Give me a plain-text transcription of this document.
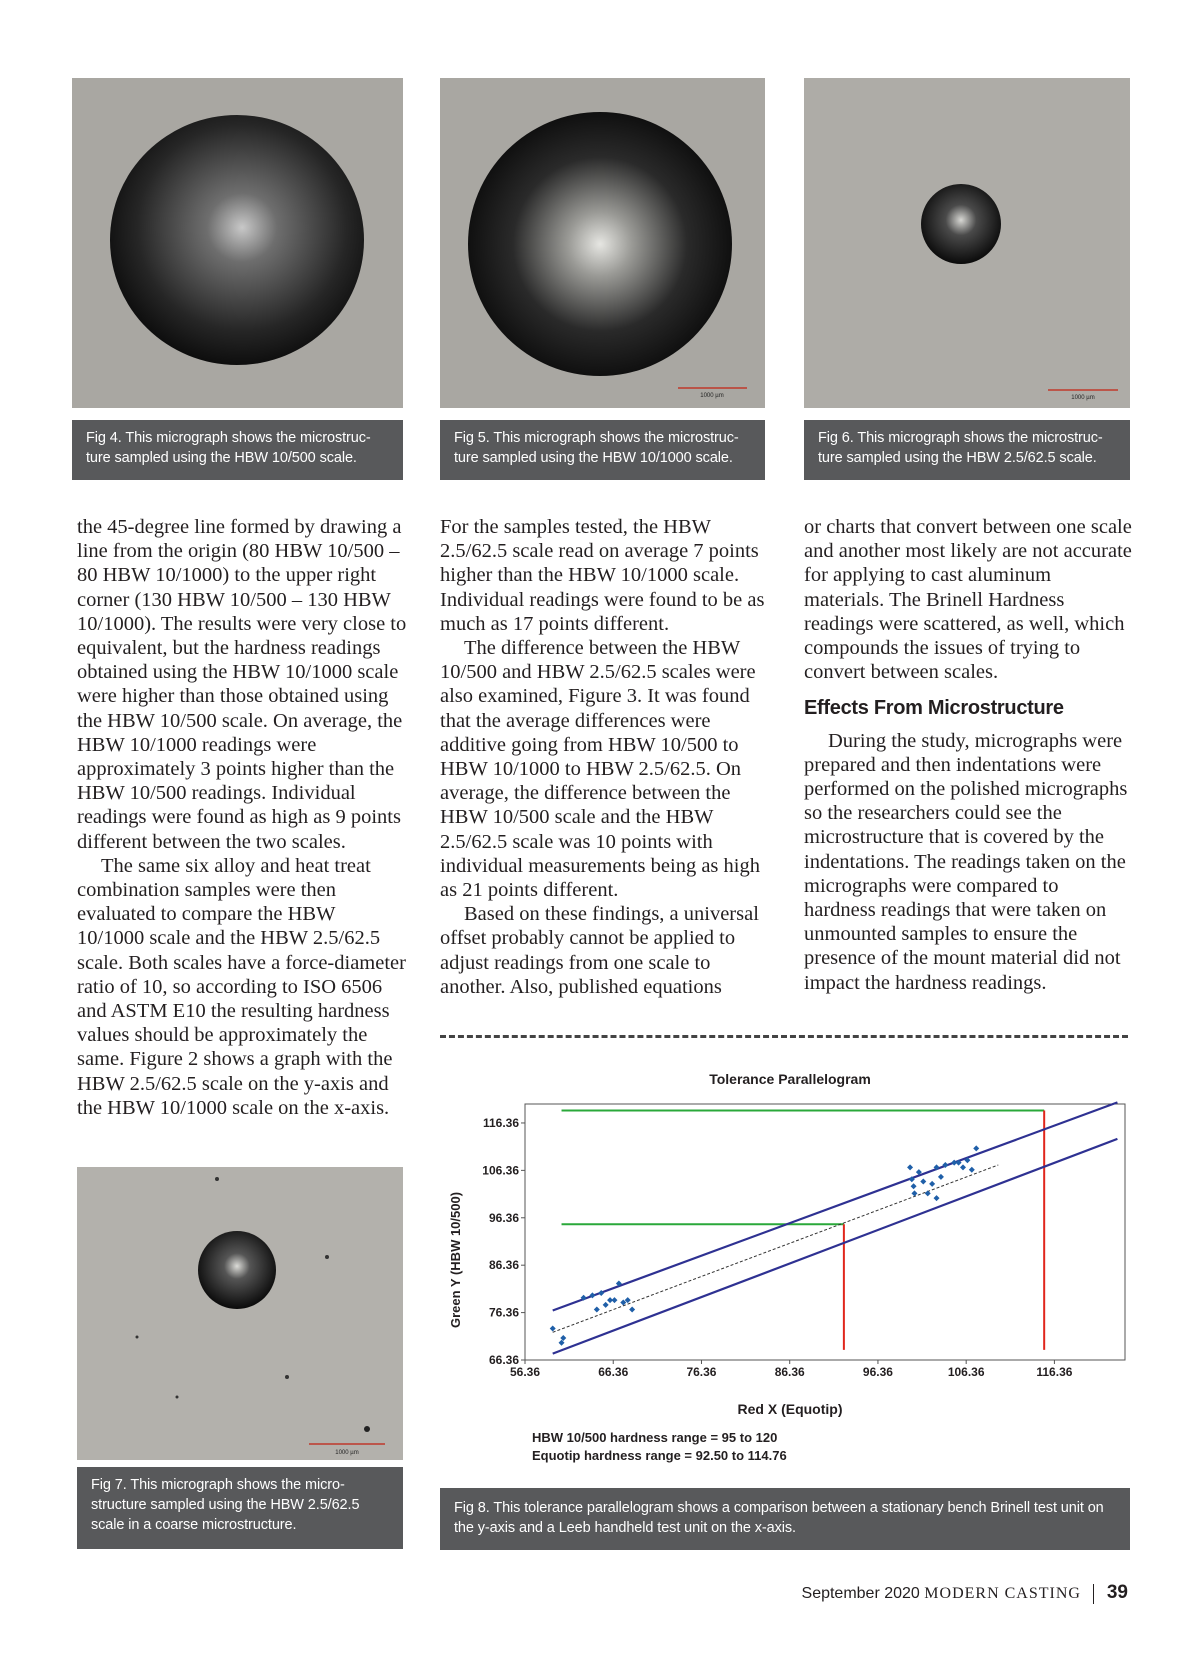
1000 µm	1000 µm
1000 µm
Fig 4. This micrograph shows the microstruc-ture sampled using the HBW 10/500 scale.
Fig 5. This micrograph shows the microstruc-ture sampled using the HBW 10/1000 scale.
Fig 6. This micrograph shows the microstruc-ture sampled using the HBW 2.5/62.5 scale.
Fig 7. This micrograph shows the micro-structure sampled using the HBW 2.5/62.5 scale in a coarse microstructure.
Fig 8. This tolerance parallelogram shows a comparison between a stationary bench Brinell test unit on the y-axis and a Leeb handheld test unit on the x-axis.

the 45-degree line formed by drawing a line from the origin (80 HBW 10/500 – 80 HBW 10/1000) to the upper right corner (130 HBW 10/500 – 130 HBW 10/1000). The results were very close to equivalent, but the hardness readings obtained using the HBW 10/1000 scale were higher than those obtained using the HBW 10/500 scale. On average, the HBW 10/1000 readings were approximately 3 points higher than the HBW 10/500 readings. Individual readings were found as high as 9 points different between the two scales.

The same six alloy and heat treat combination samples were then evaluated to compare the HBW 10/1000 scale and the HBW 2.5/62.5 scale. Both scales have a force-diameter ratio of 10, so according to ISO 6506 and ASTM E10 the resulting hardness values should be approximately the same. Figure 2 shows a graph with the HBW 2.5/62.5 scale on the y-axis and the HBW 10/1000 scale on the x-axis.

For the samples tested, the HBW 2.5/62.5 scale read on average 7 points higher than the HBW 10/1000 scale. Individual readings were found to be as much as 17 points different.

The difference between the HBW 10/500 and HBW 2.5/62.5 scales were also examined, Figure 3. It was found that the average differences were additive going from HBW 10/500 to HBW 10/1000 to HBW 2.5/62.5. On average, the difference between the HBW 10/500 scale and the HBW 2.5/62.5 scale was 10 points with individual measurements being as high as 21 points different.

Based on these findings, a universal offset probably cannot be applied to adjust readings from one scale to another. Also, published equations

or charts that convert between one scale and another most likely are not accurate for applying to cast aluminum materials. The Brinell Hardness readings were scattered, as well, which compounds the issues of trying to convert between scales.

Effects From Microstructure

During the study, micrographs were prepared and then indentations were performed on the polished micrographs so the researchers could see the microstructure that is covered by the indentations. The readings taken on the micrographs were compared to hardness readings that were taken on unmounted samples to ensure the presence of the mount material did not impact the hardness readings.

Tolerance Parallelogram
66.36
76.36
86.36
96.36
106.36
116.36
56.36	66.36	76.36	86.36	96.36	106.36	116.36
Red X (Equotip)
Green Y (HBW 10/500)
HBW 10/500 hardness range = 95 to 120
Equotip hardness range = 92.50 to 114.76
September 2020 MODERN CASTING 39
